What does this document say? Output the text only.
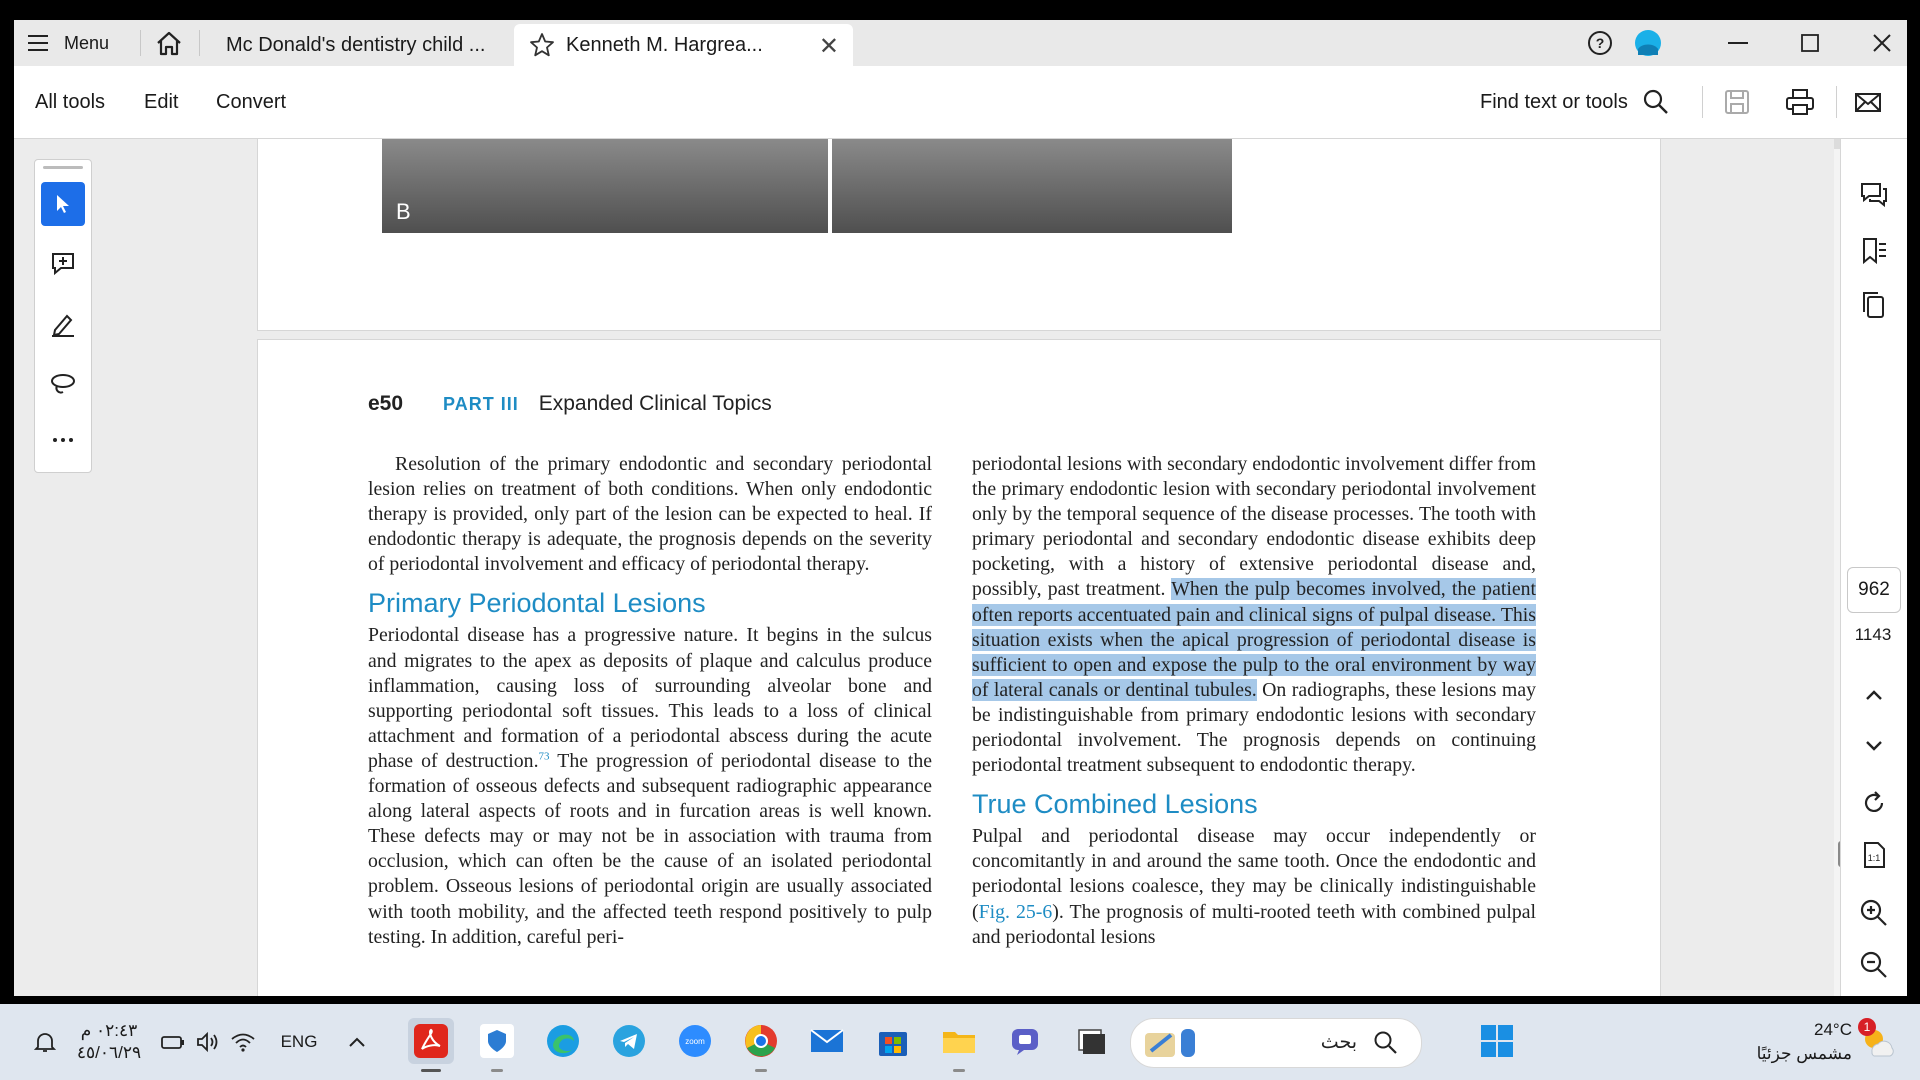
Menu	Mc Donald's dentistry child ...	Kenneth M. Hargrea... ✕	?
All tools Edit Convert	Find text or tools
B
e50 PART III Expanded Clinical Topics

Resolution of the primary endodontic and secondary periodontal lesion relies on treatment of both conditions. When only endodontic therapy is provided, only part of the lesion can be expected to heal. If endodontic therapy is adequate, the prognosis depends on the severity of periodontal involvement and efficacy of periodontal therapy.

Primary Periodontal Lesions

Periodontal disease has a progressive nature. It begins in the sulcus and migrates to the apex as deposits of plaque and calculus produce inflammation, causing loss of surrounding alveolar bone and supporting periodontal soft tissues. This leads to a loss of clinical attachment and formation of a periodontal abscess during the acute phase of destruction.$^{73}$ The progression of periodontal disease to the formation of osseous defects and subsequent radiographic appearance along lateral aspects of roots and in furcation areas is well known. These defects may or may not be in association with trauma from occlusion, which can often be the cause of an isolated periodontal problem. Osseous lesions of periodontal origin are usually associated with tooth mobility, and the affected teeth respond positively to pulp testing. In addition, careful peri-

periodontal lesions with secondary endodontic involvement differ from the primary endodontic lesion with secondary periodontal involvement only by the temporal sequence of the disease processes. The tooth with primary periodontal and secondary endodontic disease exhibits deep pocketing, with a history of extensive periodontal disease and, possibly, past treatment. When the pulp becomes involved, the patient often reports accentuated pain and clinical signs of pulpal disease. This situation exists when the apical progression of periodontal disease is sufficient to open and expose the pulp to the oral environment by way of lateral canals or dentinal tubules. On radiographs, these lesions may be indistinguishable from primary endodontic lesions with secondary periodontal involvement. The prognosis depends on continuing periodontal treatment subsequent to endodontic therapy.

True Combined Lesions

Pulpal and periodontal disease may occur independently or concomitantly in and around the same tooth. Once the endodontic and periodontal lesions coalesce, they may be clinically indistinguishable (Fig. 25-6). The prognosis of multi-rooted teeth with combined pulpal and periodontal lesions

962
1143
1:1
٠٢:٤٣ م
٤٥/٠٦/٢٩
ENG	zoom	بحث
24°C
مشمس جزئيًا
1
